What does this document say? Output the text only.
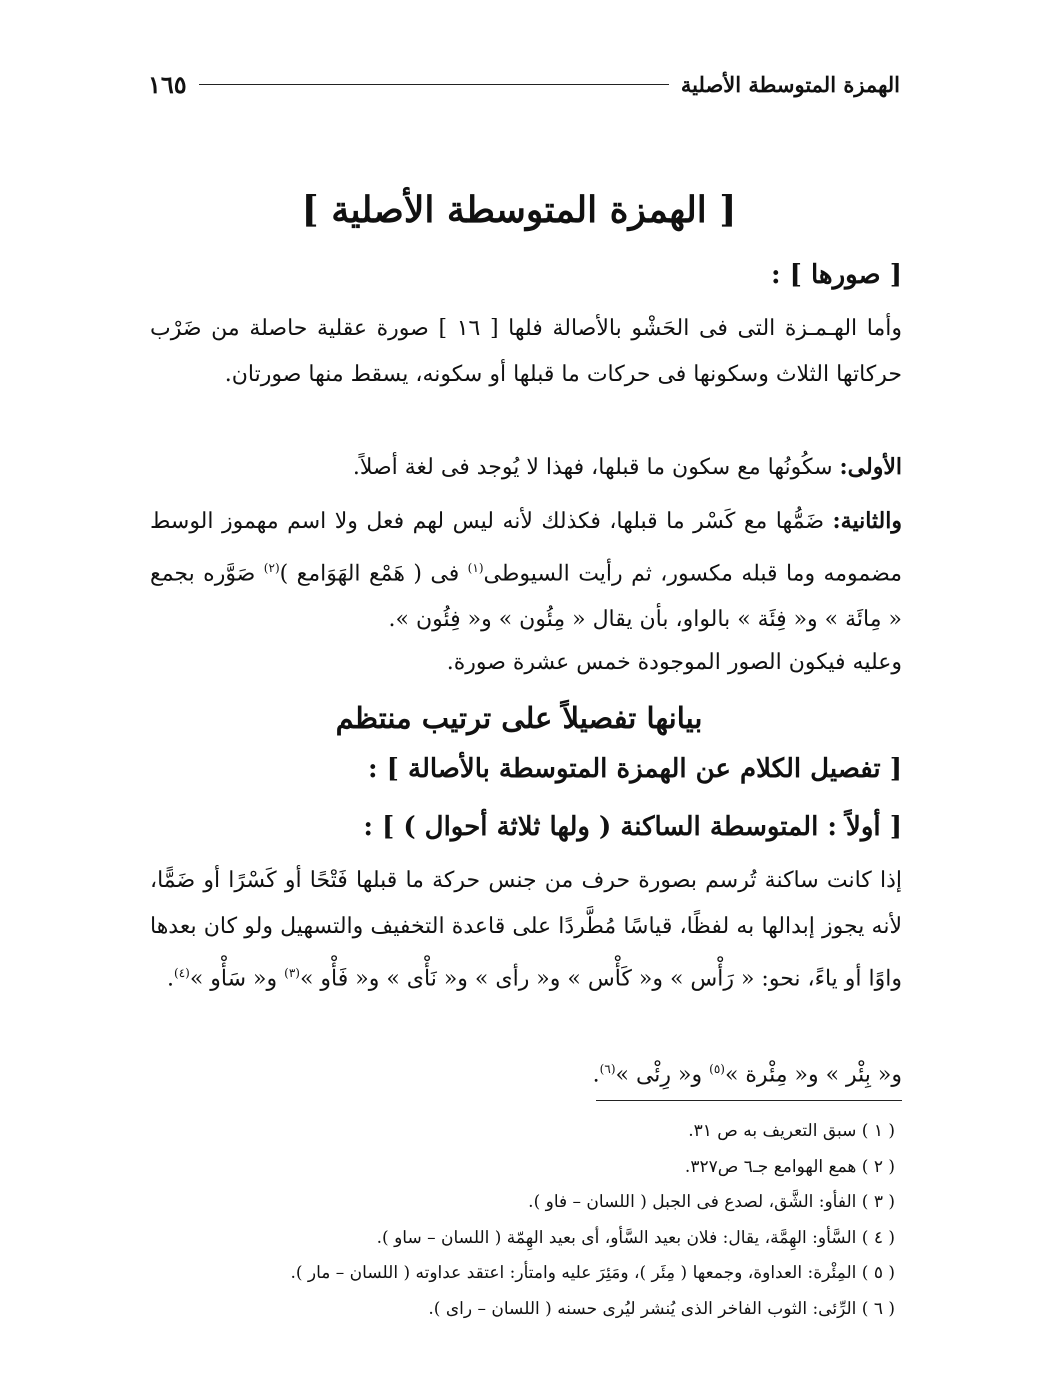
الهمزة المتوسطة الأصلية
١٦٥
[ الهمزة المتوسطة الأصلية ]
[ صورها ] :
وأما الهـمـزة التى فى الحَشْو بالأصالة فلها [ ١٦ ] صورة عقلية حاصلة من ضَرْب حركاتها الثلاث وسكونها فى حركات ما قبلها أو سكونه، يسقط منها صورتان.
الأولى: سكُونُها مع سكون ما قبلها، فهذا لا يُوجد فى لغة أصلاً.
والثانية: ضَمُّها مع كَسْر ما قبلها، فكذلك لأنه ليس لهم فعل ولا اسم مهموز الوسط مضمومه وما قبله مكسور، ثم رأيت السيوطى$^{(١)}$ فى ( هَمْع الهَوَامع )$^{(٢)}$ صَوَّره بجمع « مِائَة » و« فِئَة » بالواو، بأن يقال « مِئُون » و« فِئُون ».
وعليه فيكون الصور الموجودة خمس عشرة صورة.
بيانها تفصيلاً على ترتيب منتظم
[ تفصيل الكلام عن الهمزة المتوسطة بالأصالة ] :
[ أولاً : المتوسطة الساكنة ( ولها ثلاثة أحوال ) ] :
إذا كانت ساكنة تُرسم بصورة حرف من جنس حركة ما قبلها فَتْحًا أو كَسْرًا أو ضَمًّا، لأنه يجوز إبدالها به لفظًا، قياسًا مُطَّردًا على قاعدة التخفيف والتسهيل ولو كان بعدها واوًا أو ياءً، نحو: « رَأْس » و« كَأْس » و« رأى » و« نَأْى » و« فَأْو »$^{(٣)}$ و« سَأْو »$^{(٤)}$.
و« بِئْر » و« مِئْرة »$^{(٥)}$ و« رِئْى »$^{(٦)}$.
( ١ ) سبق التعريف به ص ٣١.
( ٢ ) همع الهوامع جـ٦ ص٣٢٧.
( ٣ ) الفأو: الشَّق، لصدع فى الجبل ( اللسان – فاو ).
( ٤ ) السَّأو: الهِمَّة، يقال: فلان بعيد السَّأو، أى بعيد الهِمّة ( اللسان – ساو ).
( ٥ ) المِئْرة: العداوة، وجمعها ( مِئَر )، ومَئِرَ عليه وامتأر: اعتقد عداوته ( اللسان – مار ).
( ٦ ) الرِّئى: الثوب الفاخر الذى يُنشر ليُرى حسنه ( اللسان – راى ).
